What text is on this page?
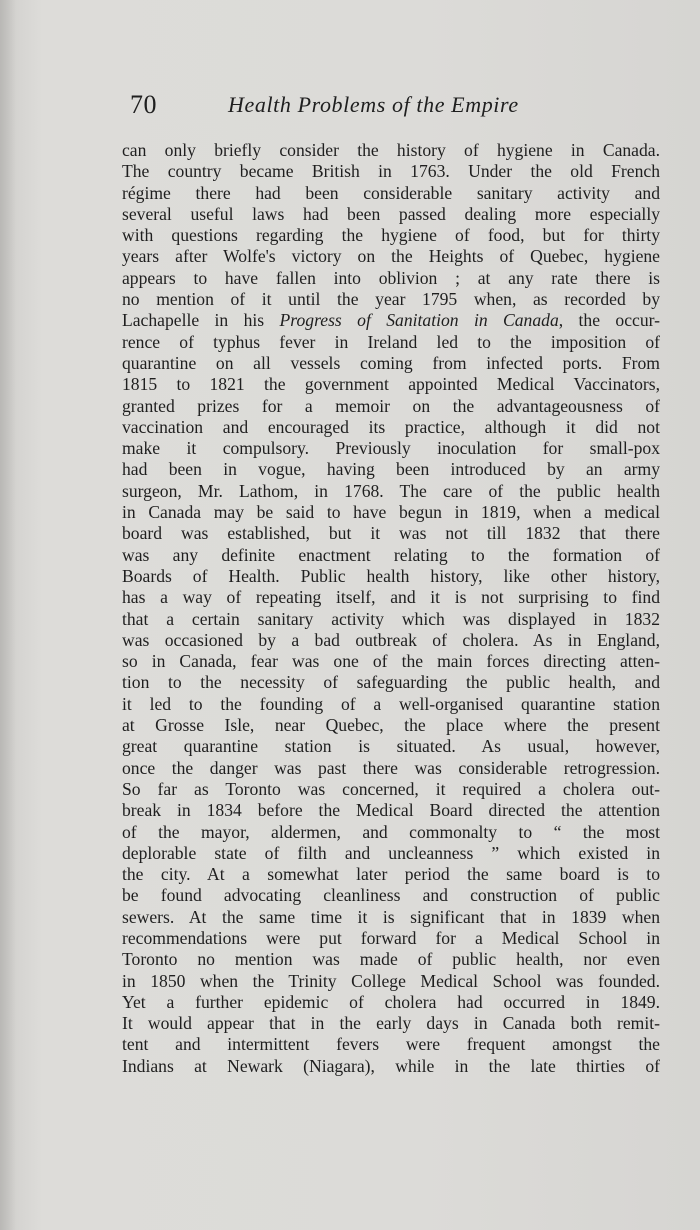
70	Health Problems of the Empire
can only briefly consider the history of hygiene in Canada.
The country became British in 1763. Under the old French
régime there had been considerable sanitary activity and
several useful laws had been passed dealing more especially
with questions regarding the hygiene of food, but for thirty
years after Wolfe's victory on the Heights of Quebec, hygiene
appears to have fallen into oblivion ; at any rate there is
no mention of it until the year 1795 when, as recorded by
Lachapelle in his Progress of Sanitation in Canada, the occur-
rence of typhus fever in Ireland led to the imposition of
quarantine on all vessels coming from infected ports. From
1815 to 1821 the government appointed Medical Vaccinators,
granted prizes for a memoir on the advantageousness of
vaccination and encouraged its practice, although it did not
make it compulsory. Previously inoculation for small-pox
had been in vogue, having been introduced by an army
surgeon, Mr. Lathom, in 1768. The care of the public health
in Canada may be said to have begun in 1819, when a medical
board was established, but it was not till 1832 that there
was any definite enactment relating to the formation of
Boards of Health. Public health history, like other history,
has a way of repeating itself, and it is not surprising to find
that a certain sanitary activity which was displayed in 1832
was occasioned by a bad outbreak of cholera. As in England,
so in Canada, fear was one of the main forces directing atten-
tion to the necessity of safeguarding the public health, and
it led to the founding of a well-organised quarantine station
at Grosse Isle, near Quebec, the place where the present
great quarantine station is situated. As usual, however,
once the danger was past there was considerable retrogression.
So far as Toronto was concerned, it required a cholera out-
break in 1834 before the Medical Board directed the attention
of the mayor, aldermen, and commonalty to “ the most
deplorable state of filth and uncleanness ” which existed in
the city. At a somewhat later period the same board is to
be found advocating cleanliness and construction of public
sewers. At the same time it is significant that in 1839 when
recommendations were put forward for a Medical School in
Toronto no mention was made of public health, nor even
in 1850 when the Trinity College Medical School was founded.
Yet a further epidemic of cholera had occurred in 1849.
It would appear that in the early days in Canada both remit-
tent and intermittent fevers were frequent amongst the
Indians at Newark (Niagara), while in the late thirties of
